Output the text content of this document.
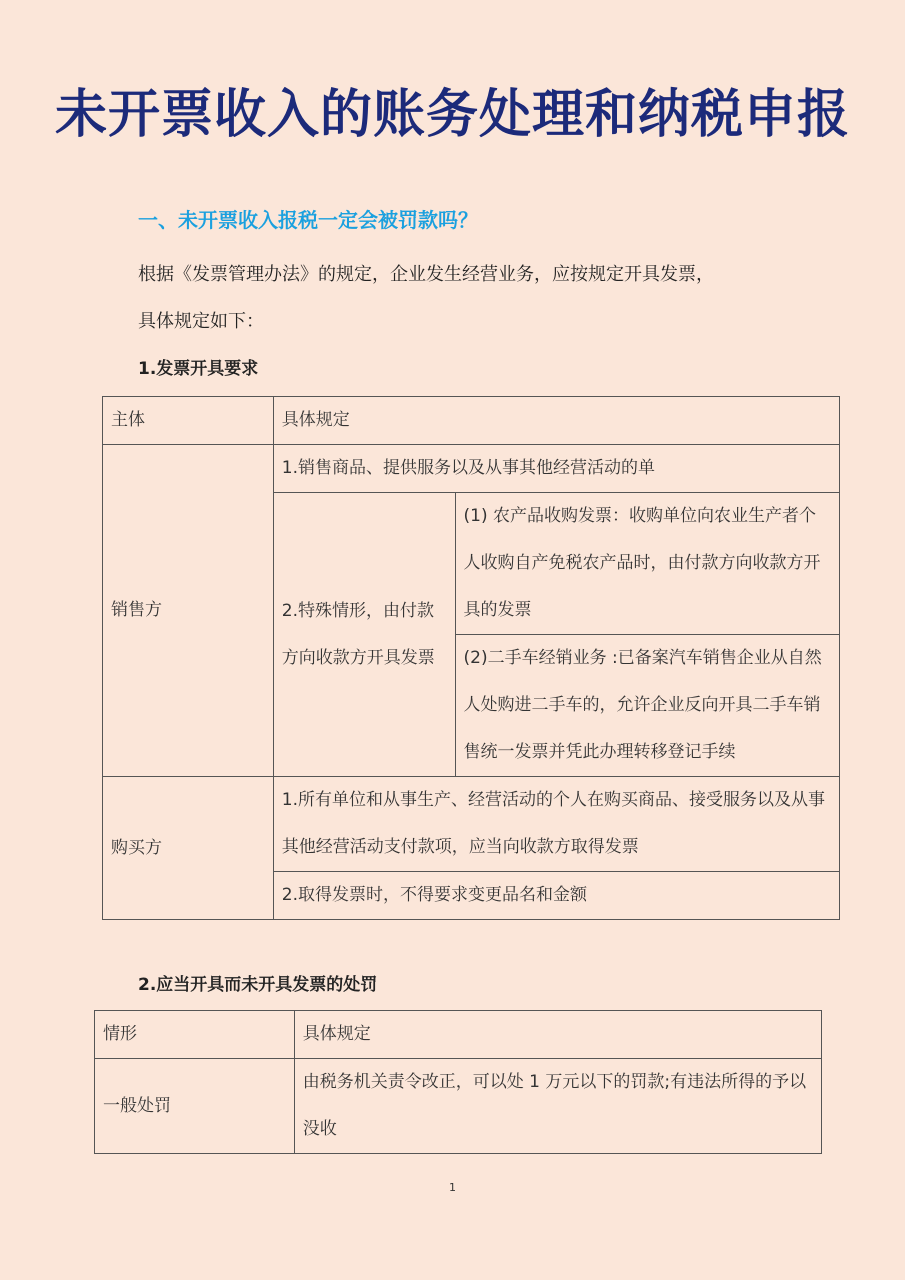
未开票收入的账务处理和纳税申报
一、未开票收入报税一定会被罚款吗？
根据《发票管理办法》的规定，企业发生经营业务，应按规定开具发票，
具体规定如下：
1.发票开具要求
主体	具体规定	
销售方	1.销售商品、提供服务以及从事其他经营活动的单	
	2.特殊情形，由付款方向收款方开具发票	(1) 农产品收购发票：收购单位向农业生产者个人收购自产免税农产品时，由付款方向收款方开具的发票
		(2)二手车经销业务 :已备案汽车销售企业从自然人处购进二手车的，允许企业反向开具二手车销售统一发票并凭此办理转移登记手续
购买方	1.所有单位和从事生产、经营活动的个人在购买商品、接受服务以及从事其他经营活动支付款项，应当向收款方取得发票	
	2.取得发票时，不得要求变更品名和金额	
2.应当开具而未开具发票的处罚
情形	具体规定
一般处罚	由税务机关责令改正，可以处 1 万元以下的罚款;有违法所得的予以没收
1
